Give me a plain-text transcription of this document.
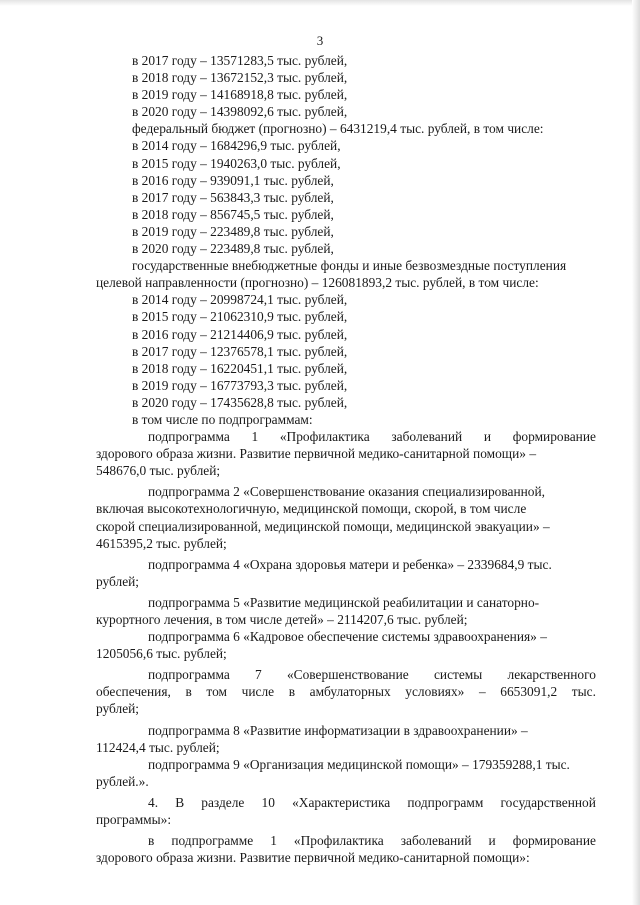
3
в 2017 году – 13571283,5 тыс. рублей,
в 2018 году – 13672152,3 тыс. рублей,
в 2019 году – 14168918,8 тыс. рублей,
в 2020 году – 14398092,6 тыс. рублей,
федеральный бюджет (прогнозно) – 6431219,4 тыс. рублей, в том числе:
в 2014 году – 1684296,9 тыс. рублей,
в 2015 году – 1940263,0 тыс. рублей,
в 2016 году – 939091,1 тыс. рублей,
в 2017 году – 563843,3 тыс. рублей,
в 2018 году – 856745,5 тыс. рублей,
в 2019 году – 223489,8 тыс. рублей,
в 2020 году – 223489,8 тыс. рублей,
государственные внебюджетные фонды и иные безвозмездные поступления
целевой направленности (прогнозно) – 126081893,2 тыс. рублей, в том числе:
в 2014 году – 20998724,1 тыс. рублей,
в 2015 году – 21062310,9 тыс. рублей,
в 2016 году – 21214406,9 тыс. рублей,
в 2017 году – 12376578,1 тыс. рублей,
в 2018 году – 16220451,1 тыс. рублей,
в 2019 году – 16773793,3 тыс. рублей,
в 2020 году – 17435628,8 тыс. рублей,
в том числе по подпрограммам:
подпрограмма 1 «Профилактика заболеваний и формирование
здорового образа жизни. Развитие первичной медико-санитарной помощи» –
548676,0 тыс. рублей;
подпрограмма 2 «Совершенствование оказания специализированной,
включая высокотехнологичную, медицинской помощи, скорой, в том числе
скорой специализированной, медицинской помощи, медицинской эвакуации» –
4615395,2 тыс. рублей;
подпрограмма 4 «Охрана здоровья матери и ребенка» – 2339684,9 тыс.
рублей;
подпрограмма 5 «Развитие медицинской реабилитации и санаторно-
курортного лечения, в том числе детей» – 2114207,6 тыс. рублей;
подпрограмма 6 «Кадровое обеспечение системы здравоохранения» –
1205056,6 тыс. рублей;
подпрограмма 7 «Совершенствование системы лекарственного
обеспечения, в том числе в амбулаторных условиях» – 6653091,2 тыс.
рублей;
подпрограмма 8 «Развитие информатизации в здравоохранении» –
112424,4 тыс. рублей;
подпрограмма 9 «Организация медицинской помощи» – 179359288,1 тыс.
рублей.».
4. В разделе 10 «Характеристика подпрограмм государственной
программы»:
в подпрограмме 1 «Профилактика заболеваний и формирование
здорового образа жизни. Развитие первичной медико-санитарной помощи»:
